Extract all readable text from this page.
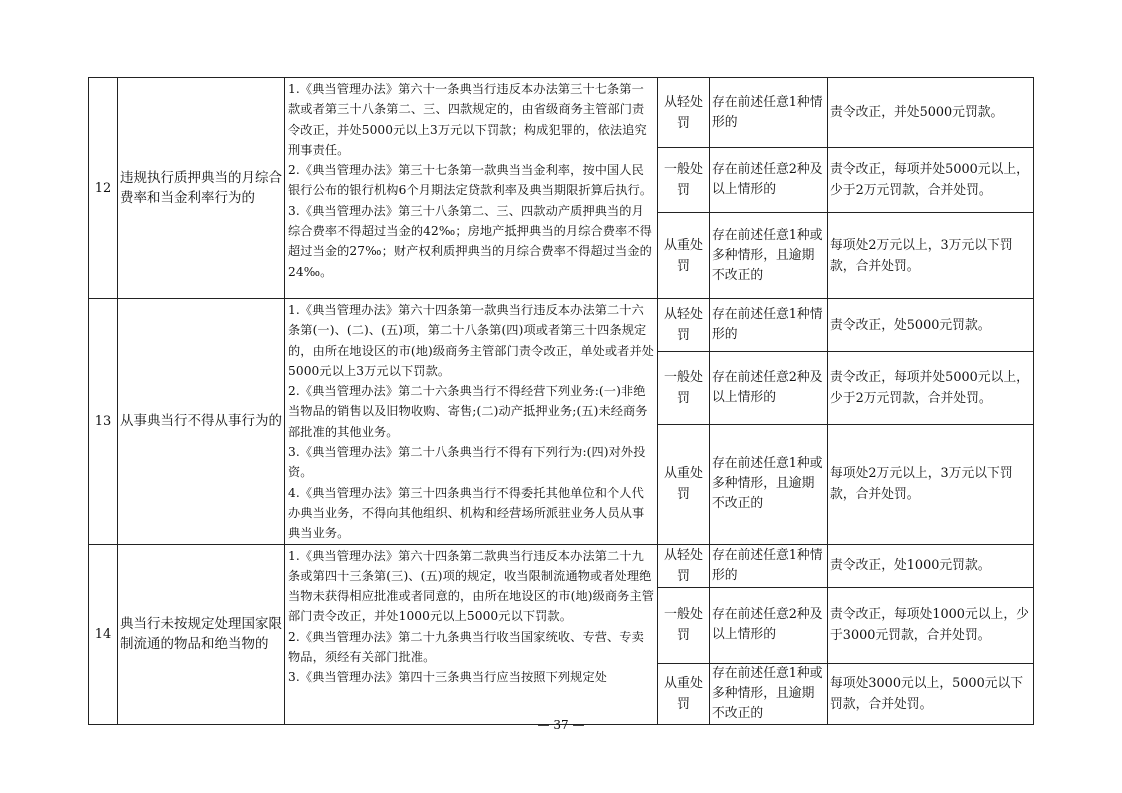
12	违规执行质押典当的月综合费率和当金利率行为的	1.《典当管理办法》第六十一条典当行违反本办法第三十七条第一款或者第三十八条第二、三、四款规定的，由省级商务主管部门责令改正，并处5000元以上3万元以下罚款；构成犯罪的，依法追究刑事责任。
2.《典当管理办法》第三十七条第一款典当当金利率，按中国人民银行公布的银行机构6个月期法定贷款利率及典当期限折算后执行。
3.《典当管理办法》第三十八条第二、三、四款动产质押典当的月综合费率不得超过当金的42‰；房地产抵押典当的月综合费率不得超过当金的27‰；财产权利质押典当的月综合费率不得超过当金的24‰。	从轻处罚	存在前述任意1种情形的	责令改正，并处5000元罚款。
			一般处罚	存在前述任意2种及以上情形的	责令改正，每项并处5000元以上，少于2万元罚款，合并处罚。
			从重处罚	存在前述任意1种或多种情形，且逾期不改正的	每项处2万元以上，3万元以下罚款，合并处罚。
13	从事典当行不得从事行为的	1.《典当管理办法》第六十四条第一款典当行违反本办法第二十六条第(一)、(二)、(五)项，第二十八条第(四)项或者第三十四条规定的，由所在地设区的市(地)级商务主管部门责令改正，单处或者并处5000元以上3万元以下罚款。
2.《典当管理办法》第二十六条典当行不得经营下列业务:(一)非绝当物品的销售以及旧物收购、寄售;(二)动产抵押业务;(五)未经商务部批准的其他业务。
3.《典当管理办法》第二十八条典当行不得有下列行为:(四)对外投资。
4.《典当管理办法》第三十四条典当行不得委托其他单位和个人代办典当业务，不得向其他组织、机构和经营场所派驻业务人员从事典当业务。	从轻处罚	存在前述任意1种情形的	责令改正，处5000元罚款。
			一般处罚	存在前述任意2种及以上情形的	责令改正，每项并处5000元以上，少于2万元罚款，合并处罚。
			从重处罚	存在前述任意1种或多种情形，且逾期不改正的	每项处2万元以上，3万元以下罚款，合并处罚。
14	典当行未按规定处理国家限制流通的物品和绝当物的	1.《典当管理办法》第六十四条第二款典当行违反本办法第二十九条或第四十三条第(三)、(五)项的规定，收当限制流通物或者处理绝当物未获得相应批准或者同意的，由所在地设区的市(地)级商务主管部门责令改正，并处1000元以上5000元以下罚款。
2.《典当管理办法》第二十九条典当行收当国家统收、专营、专卖物品，须经有关部门批准。
3.《典当管理办法》第四十三条典当行应当按照下列规定处	从轻处罚	存在前述任意1种情形的	责令改正，处1000元罚款。
			一般处罚	存在前述任意2种及以上情形的	责令改正，每项处1000元以上，少于3000元罚款，合并处罚。
			从重处罚	存在前述任意1种或多种情形，且逾期不改正的	每项处3000元以上，5000元以下罚款，合并处罚。
— 37 —
